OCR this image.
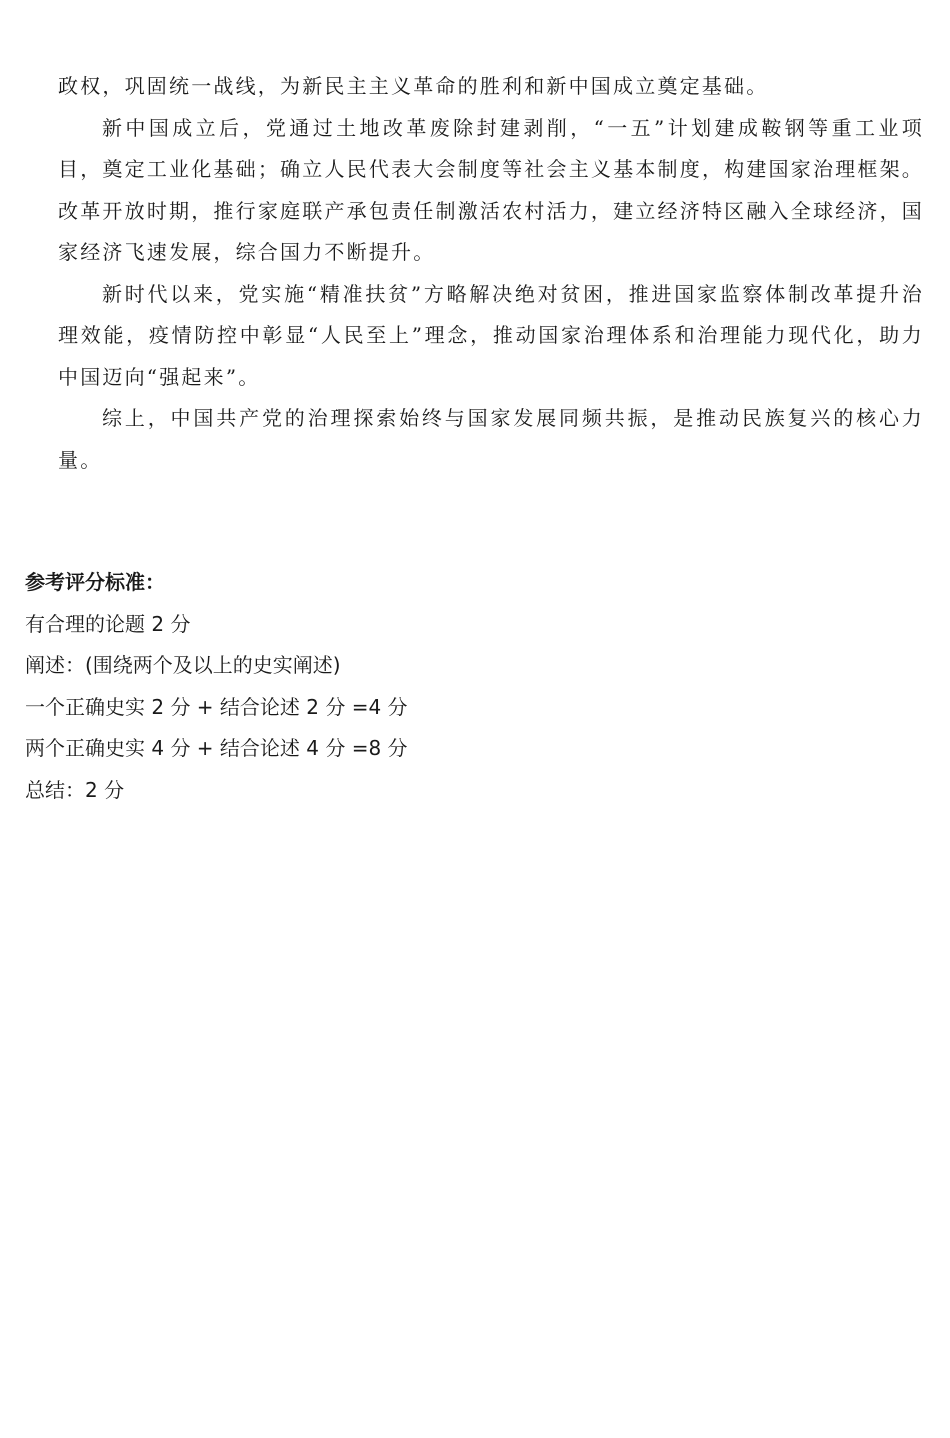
政权，巩固统一战线，为新民主主义革命的胜利和新中国成立奠定基础。

新中国成立后，党通过土地改革废除封建剥削，“一五”计划建成鞍钢等重工业项目，奠定工业化基础；确立人民代表大会制度等社会主义基本制度，构建国家治理框架。改革开放时期，推行家庭联产承包责任制激活农村活力，建立经济特区融入全球经济，国家经济飞速发展，综合国力不断提升。

新时代以来，党实施“精准扶贫”方略解决绝对贫困，推进国家监察体制改革提升治理效能，疫情防控中彰显“人民至上”理念，推动国家治理体系和治理能力现代化，助力中国迈向“强起来”。

综上，中国共产党的治理探索始终与国家发展同频共振，是推动民族复兴的核心力量。

参考评分标准：

有合理的论题 2 分

阐述：(围绕两个及以上的史实阐述)

一个正确史实 2 分 + 结合论述 2 分 =4 分

两个正确史实 4 分 + 结合论述 4 分 =8 分

总结：2 分
